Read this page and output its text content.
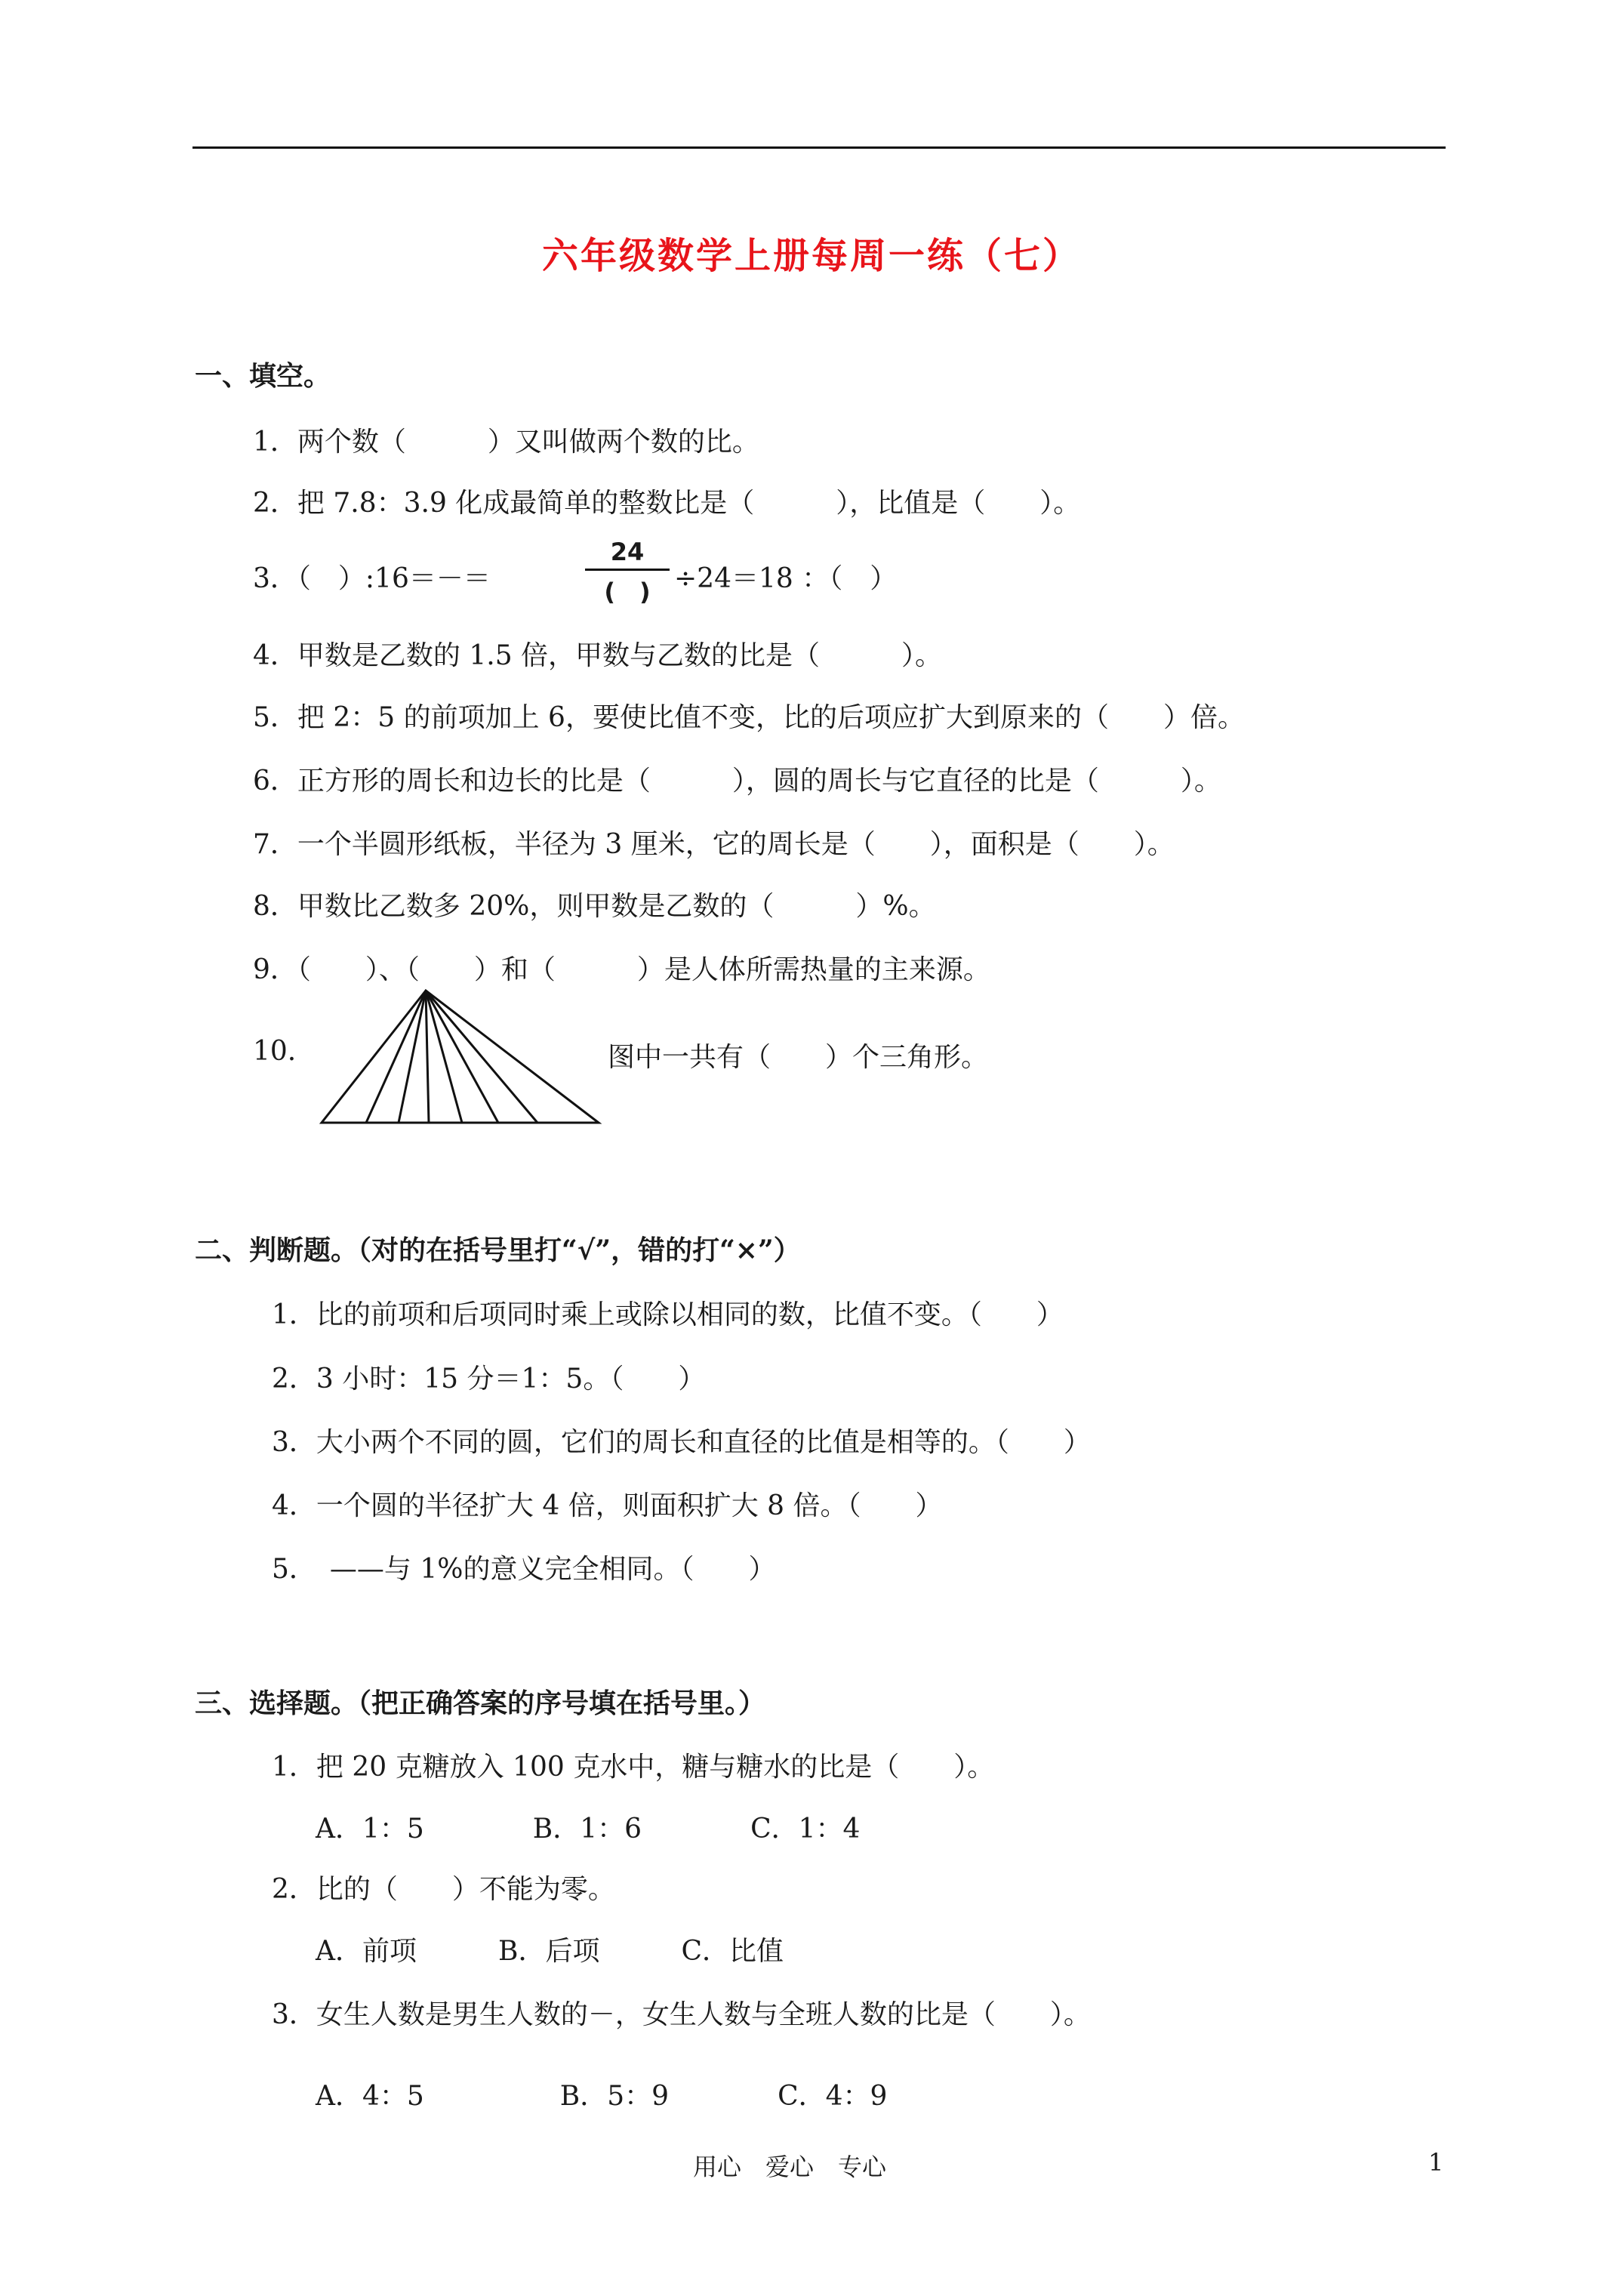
六年级数学上册每周一练（七）
一、填空。
1．两个数（　　　）又叫做两个数的比。
2．把 7.8：3.9 化成最简单的整数比是（　　　），比值是（　　）。
3．（　）:16＝－＝
24
(　) ÷24＝18 ：（　）
4．甲数是乙数的 1.5 倍，甲数与乙数的比是（　　　）。
5．把 2：5 的前项加上 6，要使比值不变，比的后项应扩大到原来的（　　）倍。
6．正方形的周长和边长的比是（　　　），圆的周长与它直径的比是（　　　）。
7．一个半圆形纸板，半径为 3 厘米，它的周长是（　　），面积是（　　）。
8．甲数比乙数多 20%，则甲数是乙数的（　　　）%。
9．（　　）、（　　）和（　　　）是人体所需热量的主来源。
10.	图中一共有（　　）个三角形。
二、判断题。（对的在括号里打“√”，错的打“×”）
1．比的前项和后项同时乘上或除以相同的数，比值不变。（　　）
2．3 小时：15 分＝1：5。（　　）
3．大小两个不同的圆，它们的周长和直径的比值是相等的。（　　）
4．一个圆的半径扩大 4 倍，则面积扩大 8 倍。（　　）
5．　——与 1%的意义完全相同。（　　）
三、选择题。（把正确答案的序号填在括号里。）
1．把 20 克糖放入 100 克水中，糖与糖水的比是（　　）。
A．1：5　　　　B．1：6　　　　C．1：4
2．比的（　　）不能为零。
A．前项　　　B．后项　　　C．比值
3．女生人数是男生人数的－，女生人数与全班人数的比是（　　）。
A．4：5　　　　　B．5：9　　　　C．4：9
用心　爱心　专心	1
